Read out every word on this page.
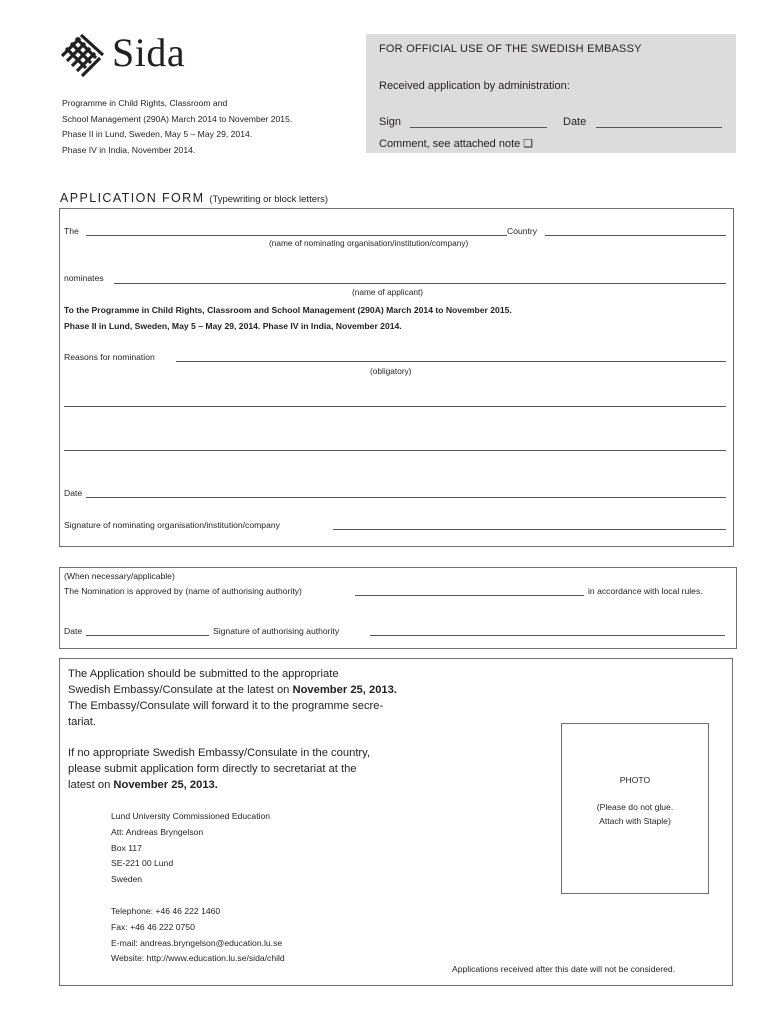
Sida
Programme in Child Rights, Classroom and
School Management (290A) March 2014 to November 2015.
Phase II in Lund, Sweden, May 5 – May 29, 2014.
Phase IV in India, November 2014.
FOR OFFICIAL USE OF THE SWEDISH EMBASSY
Received application by administration:
Sign	Date
Comment, see attached note ❑
APPLICATION FORM (Typewriting or block letters)
The	Country
(name of nominating organisation/institution/company)
nominates
(name of applicant)
To the Programme in Child Rights, Classroom and School Management (290A) March 2014 to November 2015.
Phase II in Lund, Sweden, May 5 – May 29, 2014. Phase IV in India, November 2014.
Reasons for nomination
(obligatory)
Date
Signature of nominating organisation/institution/company
(When necessary/applicable)
The Nomination is approved by (name of authorising authority)	in accordance with local rules.
Date	Signature of authorising authority
The Application should be submitted to the appropriate
Swedish Embassy/Consulate at the latest on November 25, 2013.
The Embassy/Consulate will forward it to the programme secre-
tariat.
If no appropriate Swedish Embassy/Consulate in the country,
please submit application form directly to secretariat at the
latest on November 25, 2013.
Lund University Commissioned Education
Att: Andreas Bryngelson
Box 117
SE-221 00 Lund
Sweden
Telephone: +46 46 222 1460
Fax: +46 46 222 0750
E-mail: andreas.bryngelson@education.lu.se
Website: http://www.education.lu.se/sida/child
PHOTO
(Please do not glue.
Attach with Staple)
Applications received after this date will not be considered.
